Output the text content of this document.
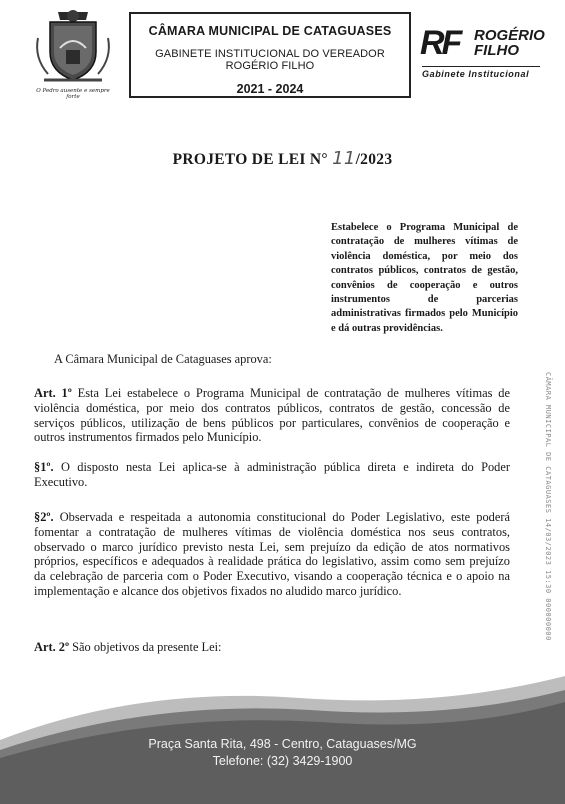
O Pedro ausente e sempre forte
CÂMARA MUNICIPAL DE CATAGUASES
GABINETE INSTITUCIONAL DO VEREADOR ROGÉRIO FILHO
2021 - 2024
RF ROGÉRIO
FILHO
Gabinete Institucional
PROJETO DE LEI N° 11/2023
Estabelece o Programa Municipal de contratação de mulheres vítimas de violência doméstica, por meio dos contratos públicos, contratos de gestão, convênios de cooperação e outros instrumentos de parcerias administrativas firmados pelo Município e dá outras providências.
A Câmara Municipal de Cataguases aprova:
Art. 1º Esta Lei estabelece o Programa Municipal de contratação de mulheres vítimas de violência doméstica, por meio dos contratos públicos, contratos de gestão, concessão de serviços públicos, utilização de bens públicos por particulares, convênios de cooperação e outros instrumentos firmados pelo Município.
§1º. O disposto nesta Lei aplica-se à administração pública direta e indireta do Poder Executivo.
§2º. Observada e respeitada a autonomia constitucional do Poder Legislativo, este poderá fomentar a contratação de mulheres vítimas de violência doméstica nos seus contratos, observado o marco jurídico previsto nesta Lei, sem prejuízo da edição de atos normativos próprios, específicos e adequados à realidade prática do legislativo, assim como sem prejuízo da celebração de parceria com o Poder Executivo, visando a cooperação técnica e o apoio na implementação e alcance dos objetivos fixados no aludido marco jurídico.
Art. 2º São objetivos da presente Lei:
CÂMARA MUNICIPAL DE CATAGUASES 14/03/2023 15:30 000000000
Praça Santa Rita, 498 - Centro, Cataguases/MG
Telefone: (32) 3429-1900
